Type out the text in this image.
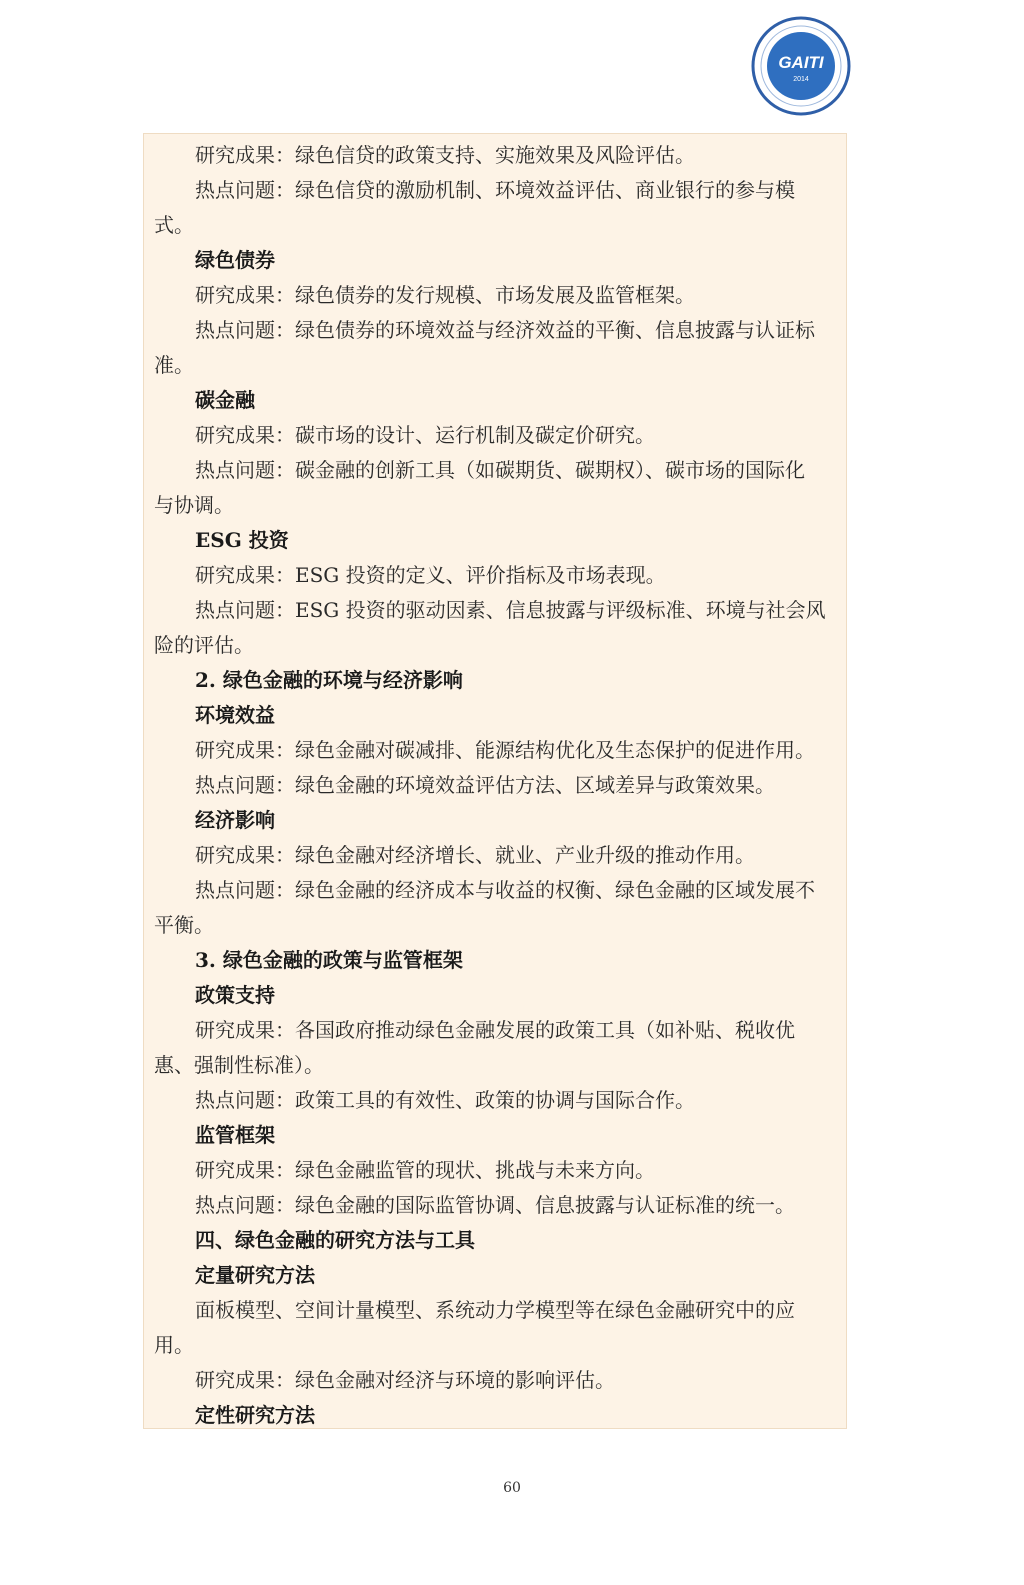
GAITI
2014
研究成果：绿色信贷的政策支持、实施效果及风险评估。
热点问题：绿色信贷的激励机制、环境效益评估、商业银行的参与模
式。
绿色债券
研究成果：绿色债券的发行规模、市场发展及监管框架。
热点问题：绿色债券的环境效益与经济效益的平衡、信息披露与认证标
准。
碳金融
研究成果：碳市场的设计、运行机制及碳定价研究。
热点问题：碳金融的创新工具（如碳期货、碳期权）、碳市场的国际化
与协调。
ESG 投资
研究成果：ESG 投资的定义、评价指标及市场表现。
热点问题：ESG 投资的驱动因素、信息披露与评级标准、环境与社会风
险的评估。
2. 绿色金融的环境与经济影响
环境效益
研究成果：绿色金融对碳减排、能源结构优化及生态保护的促进作用。
热点问题：绿色金融的环境效益评估方法、区域差异与政策效果。
经济影响
研究成果：绿色金融对经济增长、就业、产业升级的推动作用。
热点问题：绿色金融的经济成本与收益的权衡、绿色金融的区域发展不
平衡。
3. 绿色金融的政策与监管框架
政策支持
研究成果：各国政府推动绿色金融发展的政策工具（如补贴、税收优
惠、强制性标准）。
热点问题：政策工具的有效性、政策的协调与国际合作。
监管框架
研究成果：绿色金融监管的现状、挑战与未来方向。
热点问题：绿色金融的国际监管协调、信息披露与认证标准的统一。
四、绿色金融的研究方法与工具
定量研究方法
面板模型、空间计量模型、系统动力学模型等在绿色金融研究中的应
用。
研究成果：绿色金融对经济与环境的影响评估。
定性研究方法
60
